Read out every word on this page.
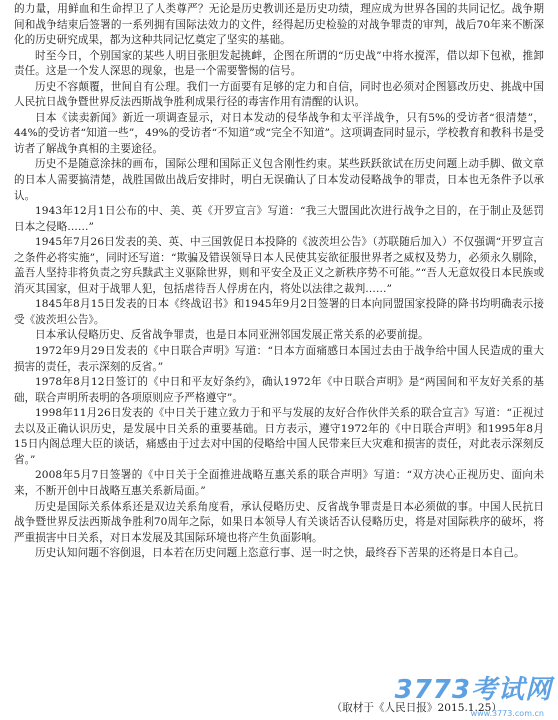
的力量，用鲜血和生命捍卫了人类尊严？无论是历史教训还是历史功绩，理应成为世界各国的共同记忆。战争期间和战争结束后签署的一系列拥有国际法效力的文件，经得起历史检验的对战争罪责的审判，战后70年来不断深化的历史研究成果，都为这种共同记忆奠定了坚实的基础。

时至今日，个别国家的某些人明目张胆发起挑衅，企图在所谓的“历史战”中将水搅浑，借以却下包袱，推卸责任。这是一个发人深思的现象，也是一个需要警惕的信号。

历史不容颠覆，世间自有公理。我们一方面要有足够的定力和自信，同时也必须对企图篡改历史、挑战中国人民抗日战争暨世界反法西斯战争胜利成果行径的毒害作用有清醒的认识。

日本《读卖新闻》新近一项调查显示，对日本发动的侵华战争和太平洋战争，只有5%的受访者“很清楚”，44%的受访者“知道一些”，49%的受访者“不知道”或“完全不知道”。这项调查同时显示，学校教育和教科书是受访者了解战争真相的主要途径。

历史不是随意涂抹的画布，国际公理和国际正义包含刚性约束。某些跃跃欲试在历史问题上动手脚、做文章的日本人需要搞清楚，战胜国做出战后安排时，明白无误确认了日本发动侵略战争的罪责，日本也无条件予以承认。

1943年12月1日公布的中、美、英《开罗宣言》写道：“我三大盟国此次进行战争之目的，在于制止及惩罚日本之侵略……”

1945年7月26日发表的美、英、中三国敦促日本投降的《波茨坦公告》（苏联随后加入）不仅强调“开罗宣言之条件必将实施”，同时还写道：“欺骗及错误领导日本人民使其妄欲征服世界者之威权及势力，必须永久剔除，盖吾人坚持非将负责之穷兵黩武主义驱除世界，则和平安全及正义之新秩序势不可能。”“吾人无意奴役日本民族或消灭其国家，但对于战罪人犯，包括虐待吾人俘虏在内，将处以法律之裁判……”

1845年8月15日发表的日本《终战诏书》和1945年9月2日签署的日本向同盟国家投降的降书均明确表示接受《波茨坦公告》。

日本承认侵略历史、反省战争罪责，也是日本同亚洲邻国发展正常关系的必要前提。

1972年9月29日发表的《中日联合声明》写道：“日本方面痛感日本国过去由于战争给中国人民造成的重大损害的责任，表示深刻的反省。”

1978年8月12日签订的《中日和平友好条约》，确认1972年《中日联合声明》是“两国间和平友好关系的基础，联合声明所表明的各项原则应予严格遵守”。

1998年11月26日发表的《中日关于建立致力于和平与发展的友好合作伙伴关系的联合宣言》写道：“正视过去以及正确认识历史，是发展中日关系的重要基础。日方表示，遵守1972年的《中日联合声明》和1995年8月15日内阁总理大臣的谈话，痛感由于过去对中国的侵略给中国人民带来巨大灾难和损害的责任，对此表示深刻反省。”

2008年5月7日签署的《中日关于全面推进战略互惠关系的联合声明》写道：“双方决心正视历史、面向未来，不断开创中日战略互惠关系新局面。”

历史是国际关系体系还是双边关系角度看，承认侵略历史、反省战争罪责是日本必须做的事。中国人民抗日战争暨世界反法西斯战争胜利70周年之际，如果日本领导人有关谈话否认侵略历史，将是对国际秩序的破坏，将严重损害中日关系，对日本发展及其国际环境也将产生负面影响。

历史认知问题不容倒退，日本若在历史问题上恣意行事、逞一时之快，最终吞下苦果的还将是日本自己。

（取材于《人民日报》2015.1.25）
3773考试网
www.3773.com.cn
